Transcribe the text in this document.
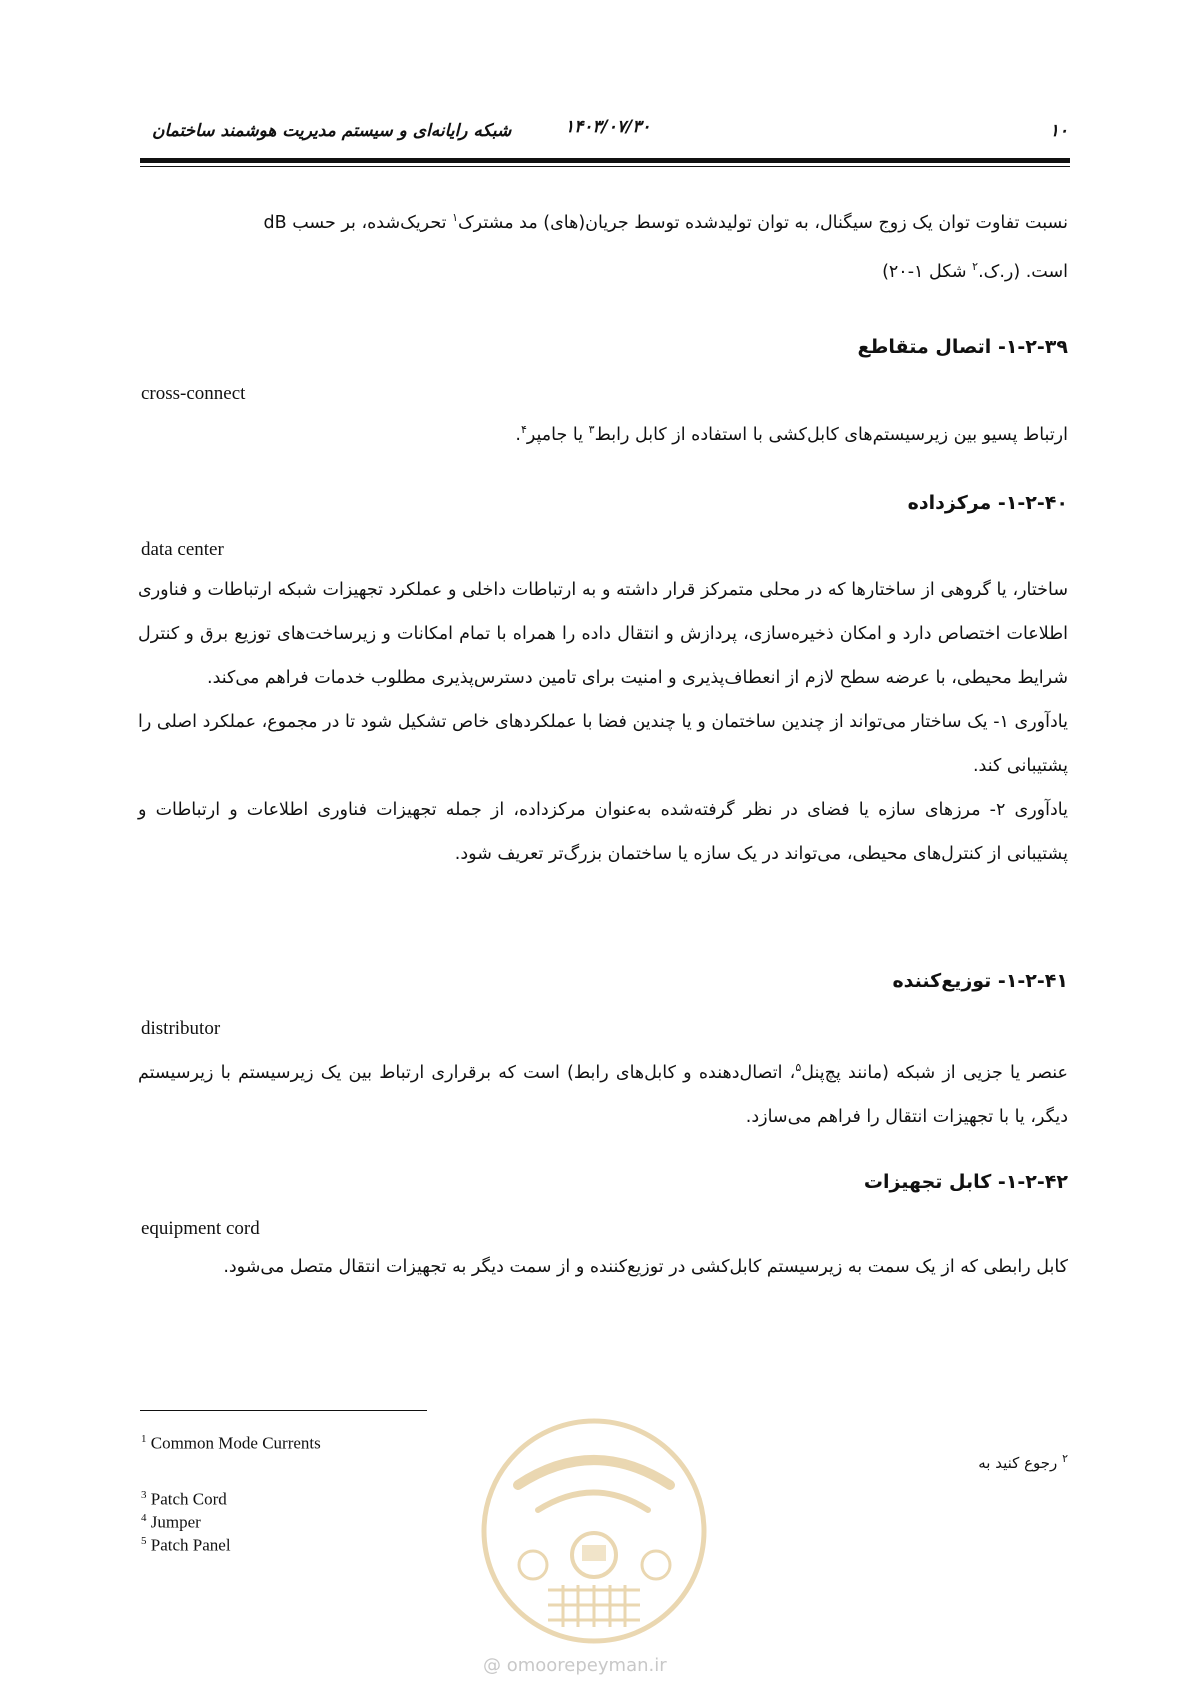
شبکه رایانه‌ای و سیستم مدیریت هوشمند ساختمان	۱۴۰۳/۰۷/۳۰	۱۰
نسبت تفاوت توان یک زوج سیگنال، به توان تولیدشده توسط جریان(های) مد مشترک$^۱$ تحریک‌شده، بر حسب dB
است. (ر.ک.$^۲$ شکل ۱-۲۰)
۱-۲-۳۹- اتصال متقاطع
cross-connect
ارتباط پسیو بین زیرسیستم‌های کابل‌کشی با استفاده از کابل رابط$^۳$ یا جامپر$^۴$.
۱-۲-۴۰- مرکزداده
data center
ساختار، یا گروهی از ساختارها که در محلی متمرکز قرار داشته و به ارتباطات داخلی و عملکرد تجهیزات شبکه ارتباطات و فناوری اطلاعات اختصاص دارد و امکان ذخیره‌سازی، پردازش و انتقال داده را همراه با تمام امکانات و زیرساخت‌های توزیع برق و کنترل شرایط محیطی، با عرضه سطح لازم از انعطاف‌پذیری و امنیت برای تامین دسترس‌پذیری مطلوب خدمات فراهم می‌کند.
یادآوری ۱- یک ساختار می‌تواند از چندین ساختمان و یا چندین فضا با عملکردهای خاص تشکیل شود تا در مجموع، عملکرد اصلی را پشتیبانی کند.
یادآوری ۲- مرزهای سازه یا فضای در نظر گرفته‌شده به‌عنوان مرکزداده، از جمله تجهیزات فناوری اطلاعات و ارتباطات و پشتیبانی از کنترل‌های محیطی، می‌تواند در یک سازه یا ساختمان بزرگ‌تر تعریف شود.
۱-۲-۴۱- توزیع‌کننده
distributor
عنصر یا جزیی از شبکه (مانند پچ‌پنل$^۵$، اتصال‌دهنده و کابل‌های رابط) است که برقراری ارتباط بین یک زیرسیستم با زیرسیستم دیگر، یا با تجهیزات انتقال را فراهم می‌سازد.
۱-۲-۴۲- کابل تجهیزات
equipment cord
کابل رابطی که از یک سمت به زیرسیستم کابل‌کشی در توزیع‌کننده و از سمت دیگر به تجهیزات انتقال متصل می‌شود.
$^1$ Common Mode Currents
$^3$ Patch Cord
$^4$ Jumper
$^5$ Patch Panel
$^۲$ رجوع کنید به
@ omoorepeyman.ir
